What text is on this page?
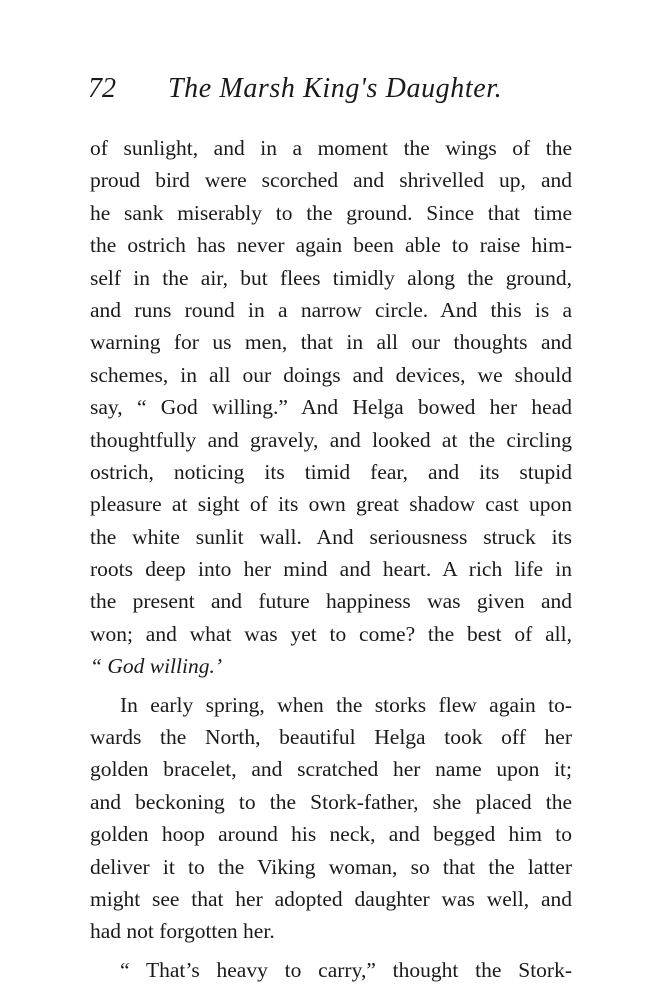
72 The Marsh King's Daughter.
of sunlight, and in a moment the wings of the
proud bird were scorched and shrivelled up, and
he sank miserably to the ground. Since that time
the ostrich has never again been able to raise him-
self in the air, but flees timidly along the ground,
and runs round in a narrow circle. And this is a
warning for us men, that in all our thoughts and
schemes, in all our doings and devices, we should
say, “ God willing.” And Helga bowed her head
thoughtfully and gravely, and looked at the circling
ostrich, noticing its timid fear, and its stupid
pleasure at sight of its own great shadow cast upon
the white sunlit wall. And seriousness struck its
roots deep into her mind and heart. A rich life in
the present and future happiness was given and
won; and what was yet to come? the best of all,
“ God willing.’
In early spring, when the storks flew again to-
wards the North, beautiful Helga took off her
golden bracelet, and scratched her name upon it;
and beckoning to the Stork-father, she placed the
golden hoop around his neck, and begged him to
deliver it to the Viking woman, so that the latter
might see that her adopted daughter was well, and
had not forgotten her.
“ That’s heavy to carry,” thought the Stork-
